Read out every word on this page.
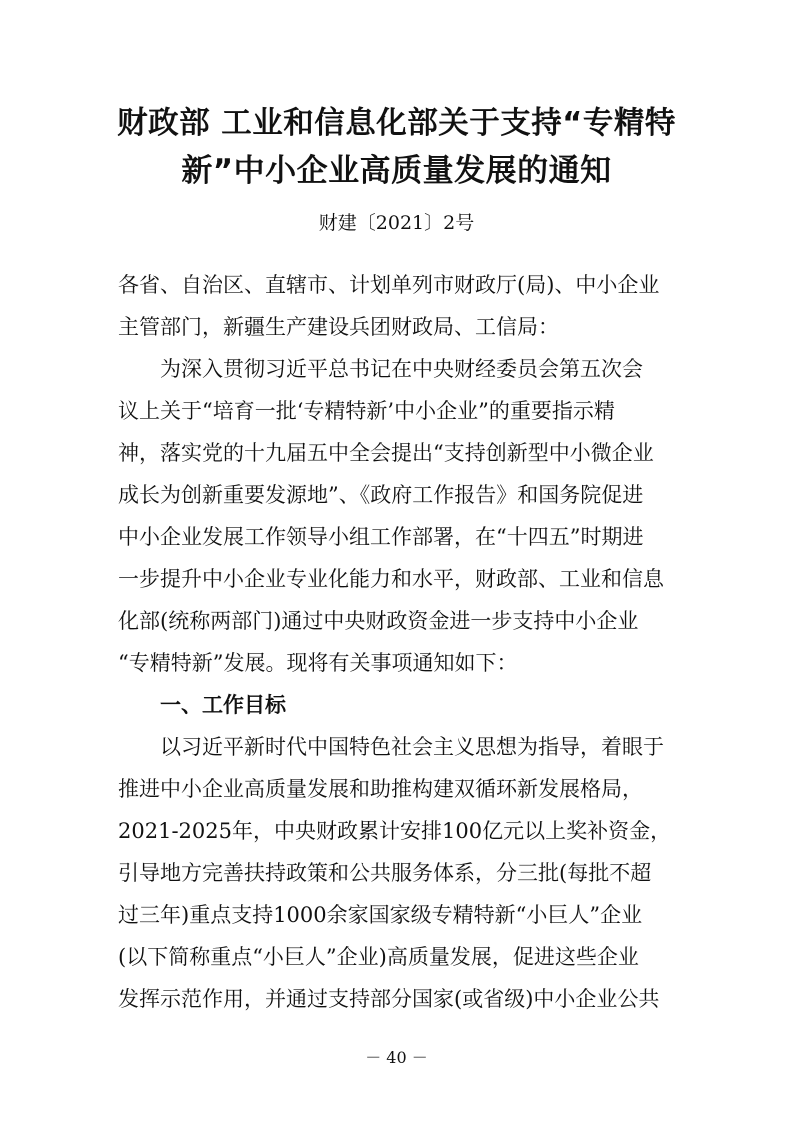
财政部 工业和信息化部关于支持“专精特
新”中小企业高质量发展的通知
财建〔2021〕2号
各省、自治区、直辖市、计划单列市财政厅(局)、中小企业
主管部门，新疆生产建设兵团财政局、工信局：
为深入贯彻习近平总书记在中央财经委员会第五次会
议上关于“培育一批‘专精特新’中小企业”的重要指示精
神，落实党的十九届五中全会提出“支持创新型中小微企业
成长为创新重要发源地”、《政府工作报告》和国务院促进
中小企业发展工作领导小组工作部署，在“十四五”时期进
一步提升中小企业专业化能力和水平，财政部、工业和信息
化部(统称两部门)通过中央财政资金进一步支持中小企业
“专精特新”发展。现将有关事项通知如下：
一、工作目标
以习近平新时代中国特色社会主义思想为指导，着眼于
推进中小企业高质量发展和助推构建双循环新发展格局，
2021-2025年，中央财政累计安排100亿元以上奖补资金，
引导地方完善扶持政策和公共服务体系，分三批(每批不超
过三年)重点支持1000余家国家级专精特新“小巨人”企业
(以下简称重点“小巨人”企业)高质量发展，促进这些企业
发挥示范作用，并通过支持部分国家(或省级)中小企业公共
－ 40 －
